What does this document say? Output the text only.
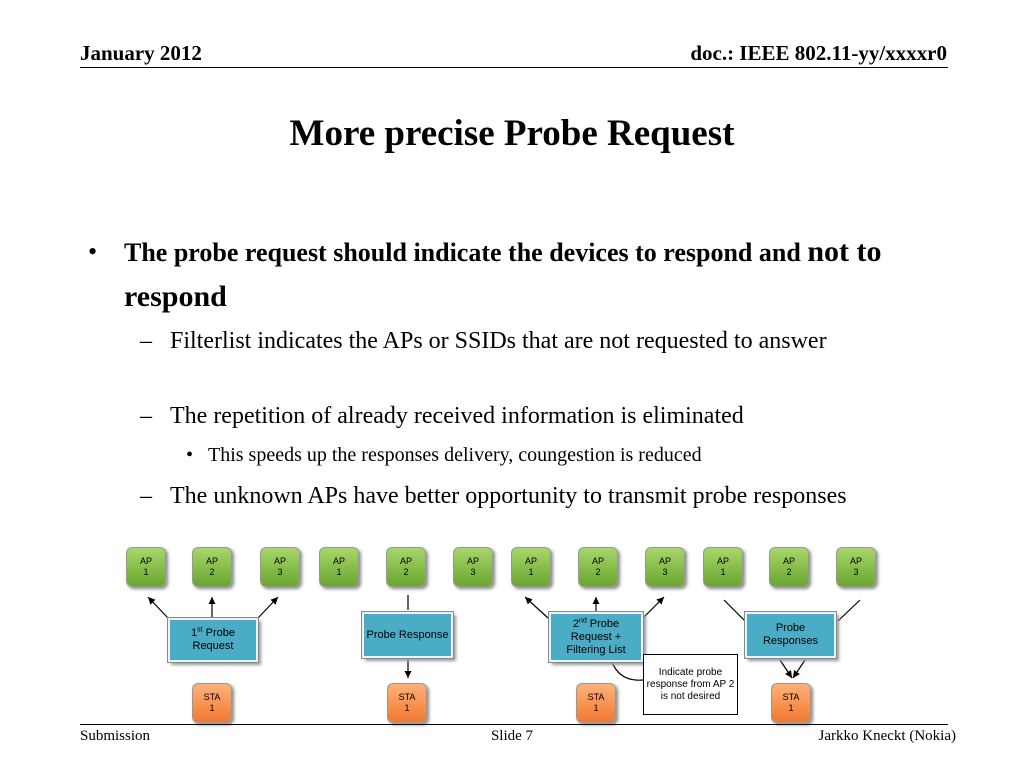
January 2012	doc.: IEEE 802.11-yy/xxxxr0
More precise Probe Request
• The probe request should indicate the devices to respond and not to respond
– Filterlist indicates the APs or SSIDs that are not requested to answer
– The repetition of already received information is eliminated
• This speeds up the responses delivery, coungestion is reduced
– The unknown APs have better opportunity to transmit probe responses
AP
1
AP
2
AP
3
1st Probe Request
STA
1
AP
1
AP
2
AP
3
Probe Response
STA
1
AP
1
AP
2
AP
3
2nd Probe Request + Filtering List
STA
1
Indicate probe response from AP 2 is not desired
AP
1
AP
2
AP
3
Probe Responses
STA
1
Submission	Slide 7	Jarkko Kneckt (Nokia)
